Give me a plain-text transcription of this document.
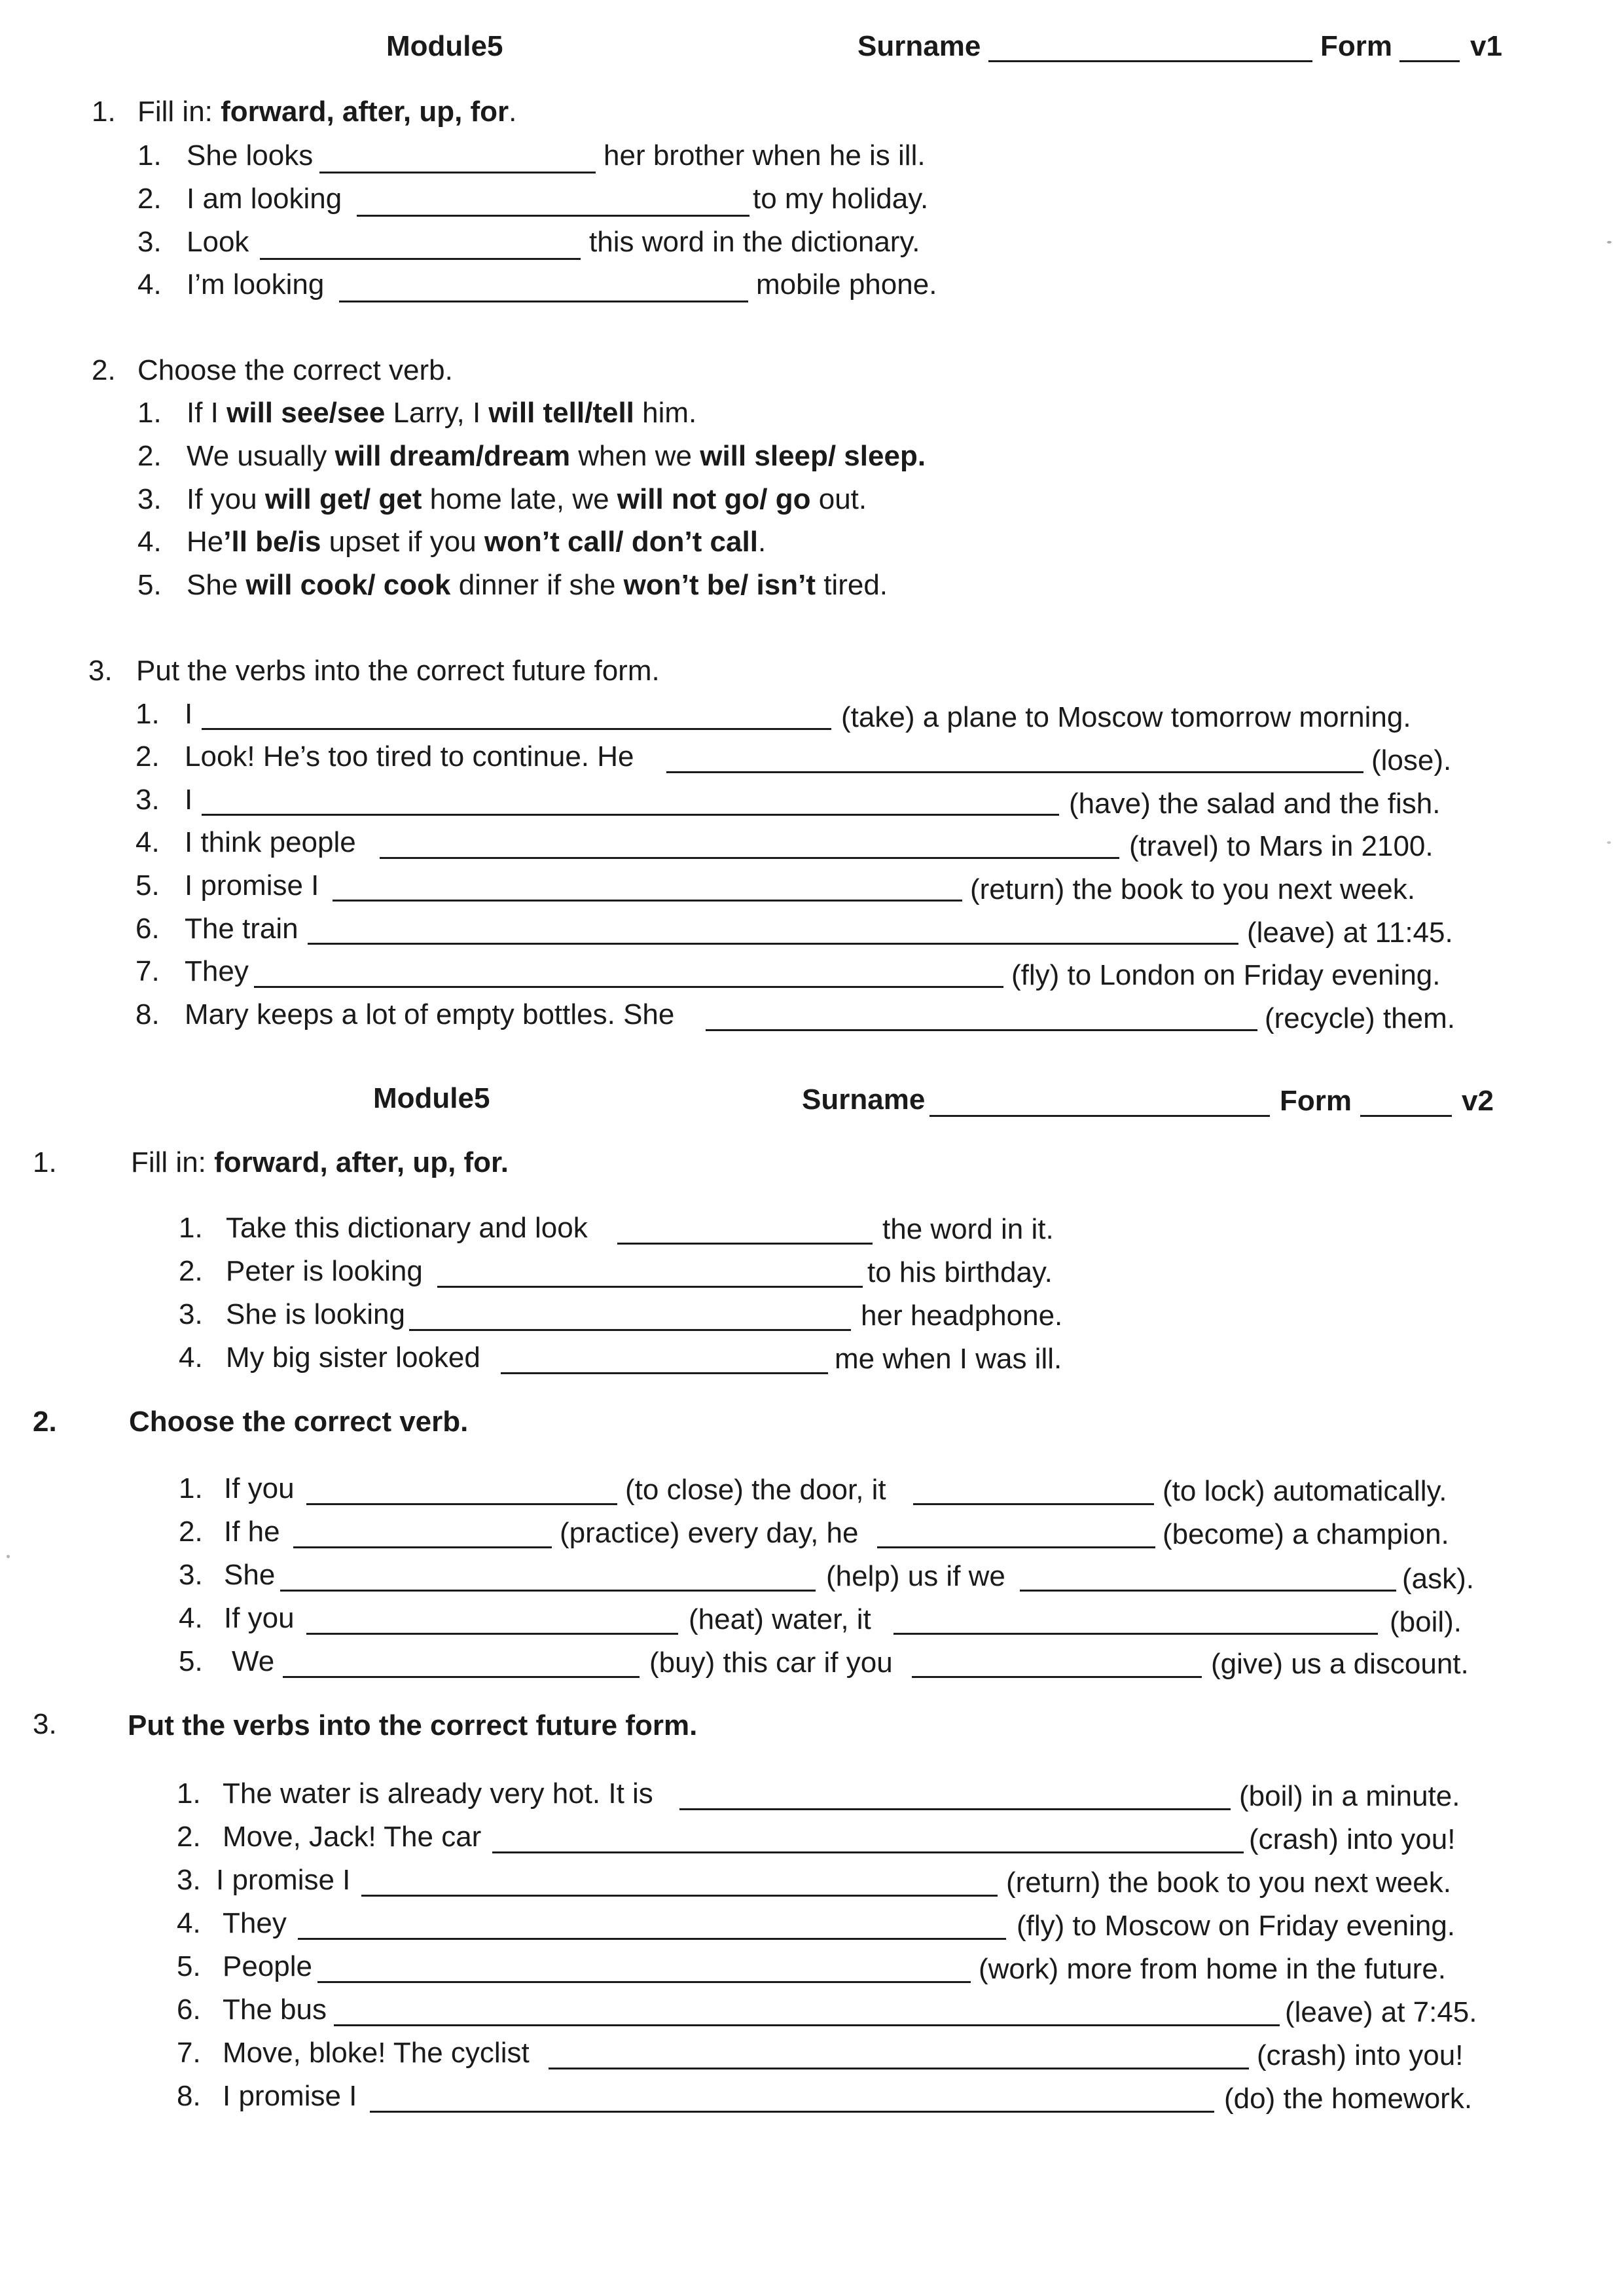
Module5	Surname	Form	v1
1. Fill in: forward, after, up, for.
1. She looks	her brother when he is ill.
2. I am looking	to my holiday.
3. Look	this word in the dictionary.
4. I’m looking	mobile phone.
2. Choose the correct verb.
1. If I will see/see Larry, I will tell/tell him.
2. We usually will dream/dream when we will sleep/ sleep.
3. If you will get/ get home late, we will not go/ go out.
4. He’ll be/is upset if you won’t call/ don’t call.
5. She will cook/ cook dinner if she won’t be/ isn’t tired.
3. Put the verbs into the correct future form.
1. I	(take) a plane to Moscow tomorrow morning.
2. Look! He’s too tired to continue. He	(lose).
3. I	(have) the salad and the fish.
4. I think people	(travel) to Mars in 2100.
5. I promise I	(return) the book to you next week.
6. The train	(leave) at 11:45.
7. They	(fly) to London on Friday evening.
8. Mary keeps a lot of empty bottles. She	(recycle) them.
Module5	Surname	Form	v2
1.	Fill in: forward, after, up, for.
1. Take this dictionary and look	the word in it.
2. Peter is looking	to his birthday.
3. She is looking	her headphone.
4. My big sister looked	me when I was ill.
2.	Choose the correct verb.
1. If you	(to close) the door, it	(to lock) automatically.
2. If he	(practice) every day, he	(become) a champion.
3. She	(help) us if we	(ask).
4. If you	(heat) water, it	(boil).
5. We	(buy) this car if you	(give) us a discount.
3. Put the verbs into the correct future form.
1. The water is already very hot. It is	(boil) in a minute.
2. Move, Jack! The car	(crash) into you!
3. I promise I	(return) the book to you next week.
4. They	(fly) to Moscow on Friday evening.
5. People	(work) more from home in the future.
6. The bus	(leave) at 7:45.
7. Move, bloke! The cyclist	(crash) into you!
8. I promise I	(do) the homework.
